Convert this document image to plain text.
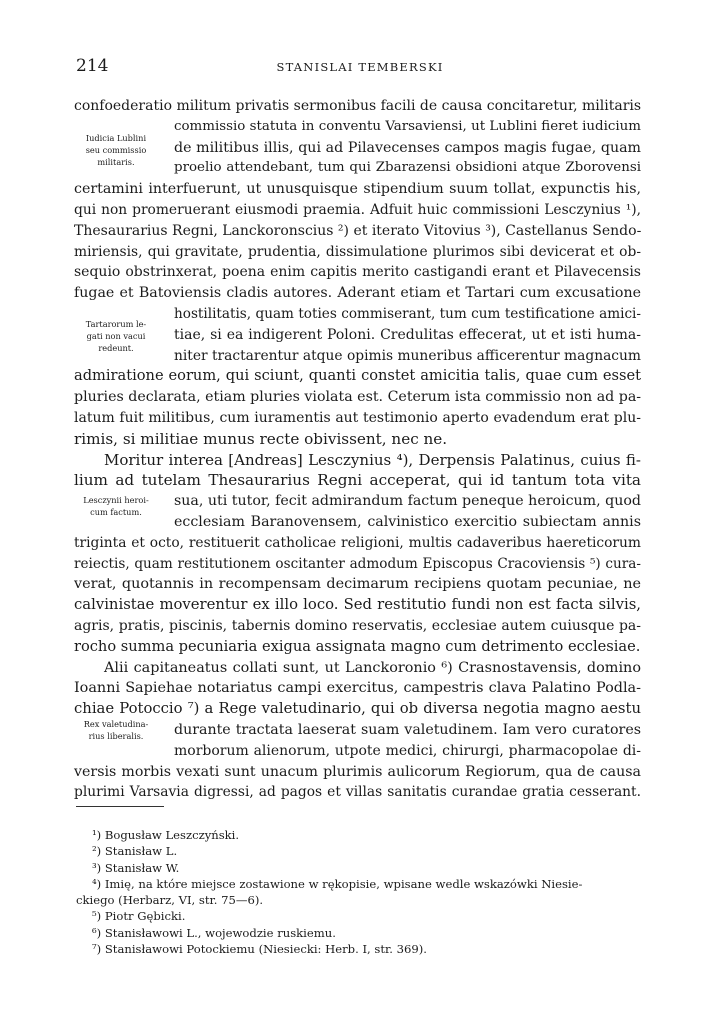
214	STANISLAI TEMBERSKI
Iudicia Lublini
seu commissio
militaris.
Tartarorum le-
gati non vacui
redeunt.
Lesczynii heroi-
cum factum.
Rex valetudina-
rius liberalis.

confoederatio militum privatis sermonibus facili de causa concitaretur, militaris
commissio statuta in conventu Varsaviensi, ut Lublini fieret iudicium
de militibus illis, qui ad Pilavecenses campos magis fugae, quam
proelio attendebant, tum qui Zbarazensi obsidioni atque Zborovensi
certamini interfuerunt, ut unusquisque stipendium suum tollat, expunctis his,
qui non promeruerant eiusmodi praemia. Adfuit huic commissioni Lesczynius ¹),
Thesaurarius Regni, Lanckoronscius ²) et iterato Vitovius ³), Castellanus Sendo-
miriensis, qui gravitate, prudentia, dissimulatione plurimos sibi devicerat et ob-
sequio obstrinxerat, poena enim capitis merito castigandi erant et Pilavecensis
fugae et Batoviensis cladis autores. Aderant etiam et Tartari cum excusatione
hostilitatis, quam toties commiserant, tum cum testificatione amici-
tiae, si ea indigerent Poloni. Credulitas effecerat, ut et isti huma-
niter tractarentur atque opimis muneribus afficerentur magnacum
admiratione eorum, qui sciunt, quanti constet amicitia talis, quae cum esset
pluries declarata, etiam pluries violata est. Ceterum ista commissio non ad pa-
latum fuit militibus, cum iuramentis aut testimonio aperto evadendum erat plu-
rimis, si militiae munus recte obivissent, nec ne.

Moritur interea [Andreas] Lesczynius ⁴), Derpensis Palatinus, cuius fi-
lium ad tutelam Thesaurarius Regni acceperat, qui id tantum tota vita
sua, uti tutor, fecit admirandum factum peneque heroicum, quod
ecclesiam Baranovensem, calvinistico exercitio subiectam annis
triginta et octo, restituerit catholicae religioni, multis cadaveribus haereticorum
reiectis, quam restitutionem oscitanter admodum Episcopus Cracoviensis ⁵) cura-
verat, quotannis in recompensam decimarum recipiens quotam pecuniae, ne
calvinistae moverentur ex illo loco. Sed restitutio fundi non est facta silvis,
agris, pratis, piscinis, tabernis domino reservatis, ecclesiae autem cuiusque pa-
rocho summa pecuniaria exigua assignata magno cum detrimento ecclesiae.

Alii capitaneatus collati sunt, ut Lanckoronio ⁶) Crasnostavensis, domino
Ioanni Sapiehae notariatus campi exercitus, campestris clava Palatino Podla-
chiae Potoccio ⁷) a Rege valetudinario, qui ob diversa negotia magno aestu
durante tractata laeserat suam valetudinem. Iam vero curatores
morborum alienorum, utpote medici, chirurgi, pharmacopolae di-
versis morbis vexati sunt unacum plurimis aulicorum Regiorum, qua de causa
plurimi Varsavia digressi, ad pagos et villas sanitatis curandae gratia cesserant.

¹) Bogusław Leszczyński.
²) Stanisław L.
³) Stanisław W.
⁴) Imię, na które miejsce zostawione w rękopisie, wpisane wedle wskazówki Niesie-
ckiego (Herbarz, VI, str. 75—6).
⁵) Piotr Gębicki.
⁶) Stanisławowi L., wojewodzie ruskiemu.
⁷) Stanisławowi Potockiemu (Niesiecki: Herb. I, str. 369).
